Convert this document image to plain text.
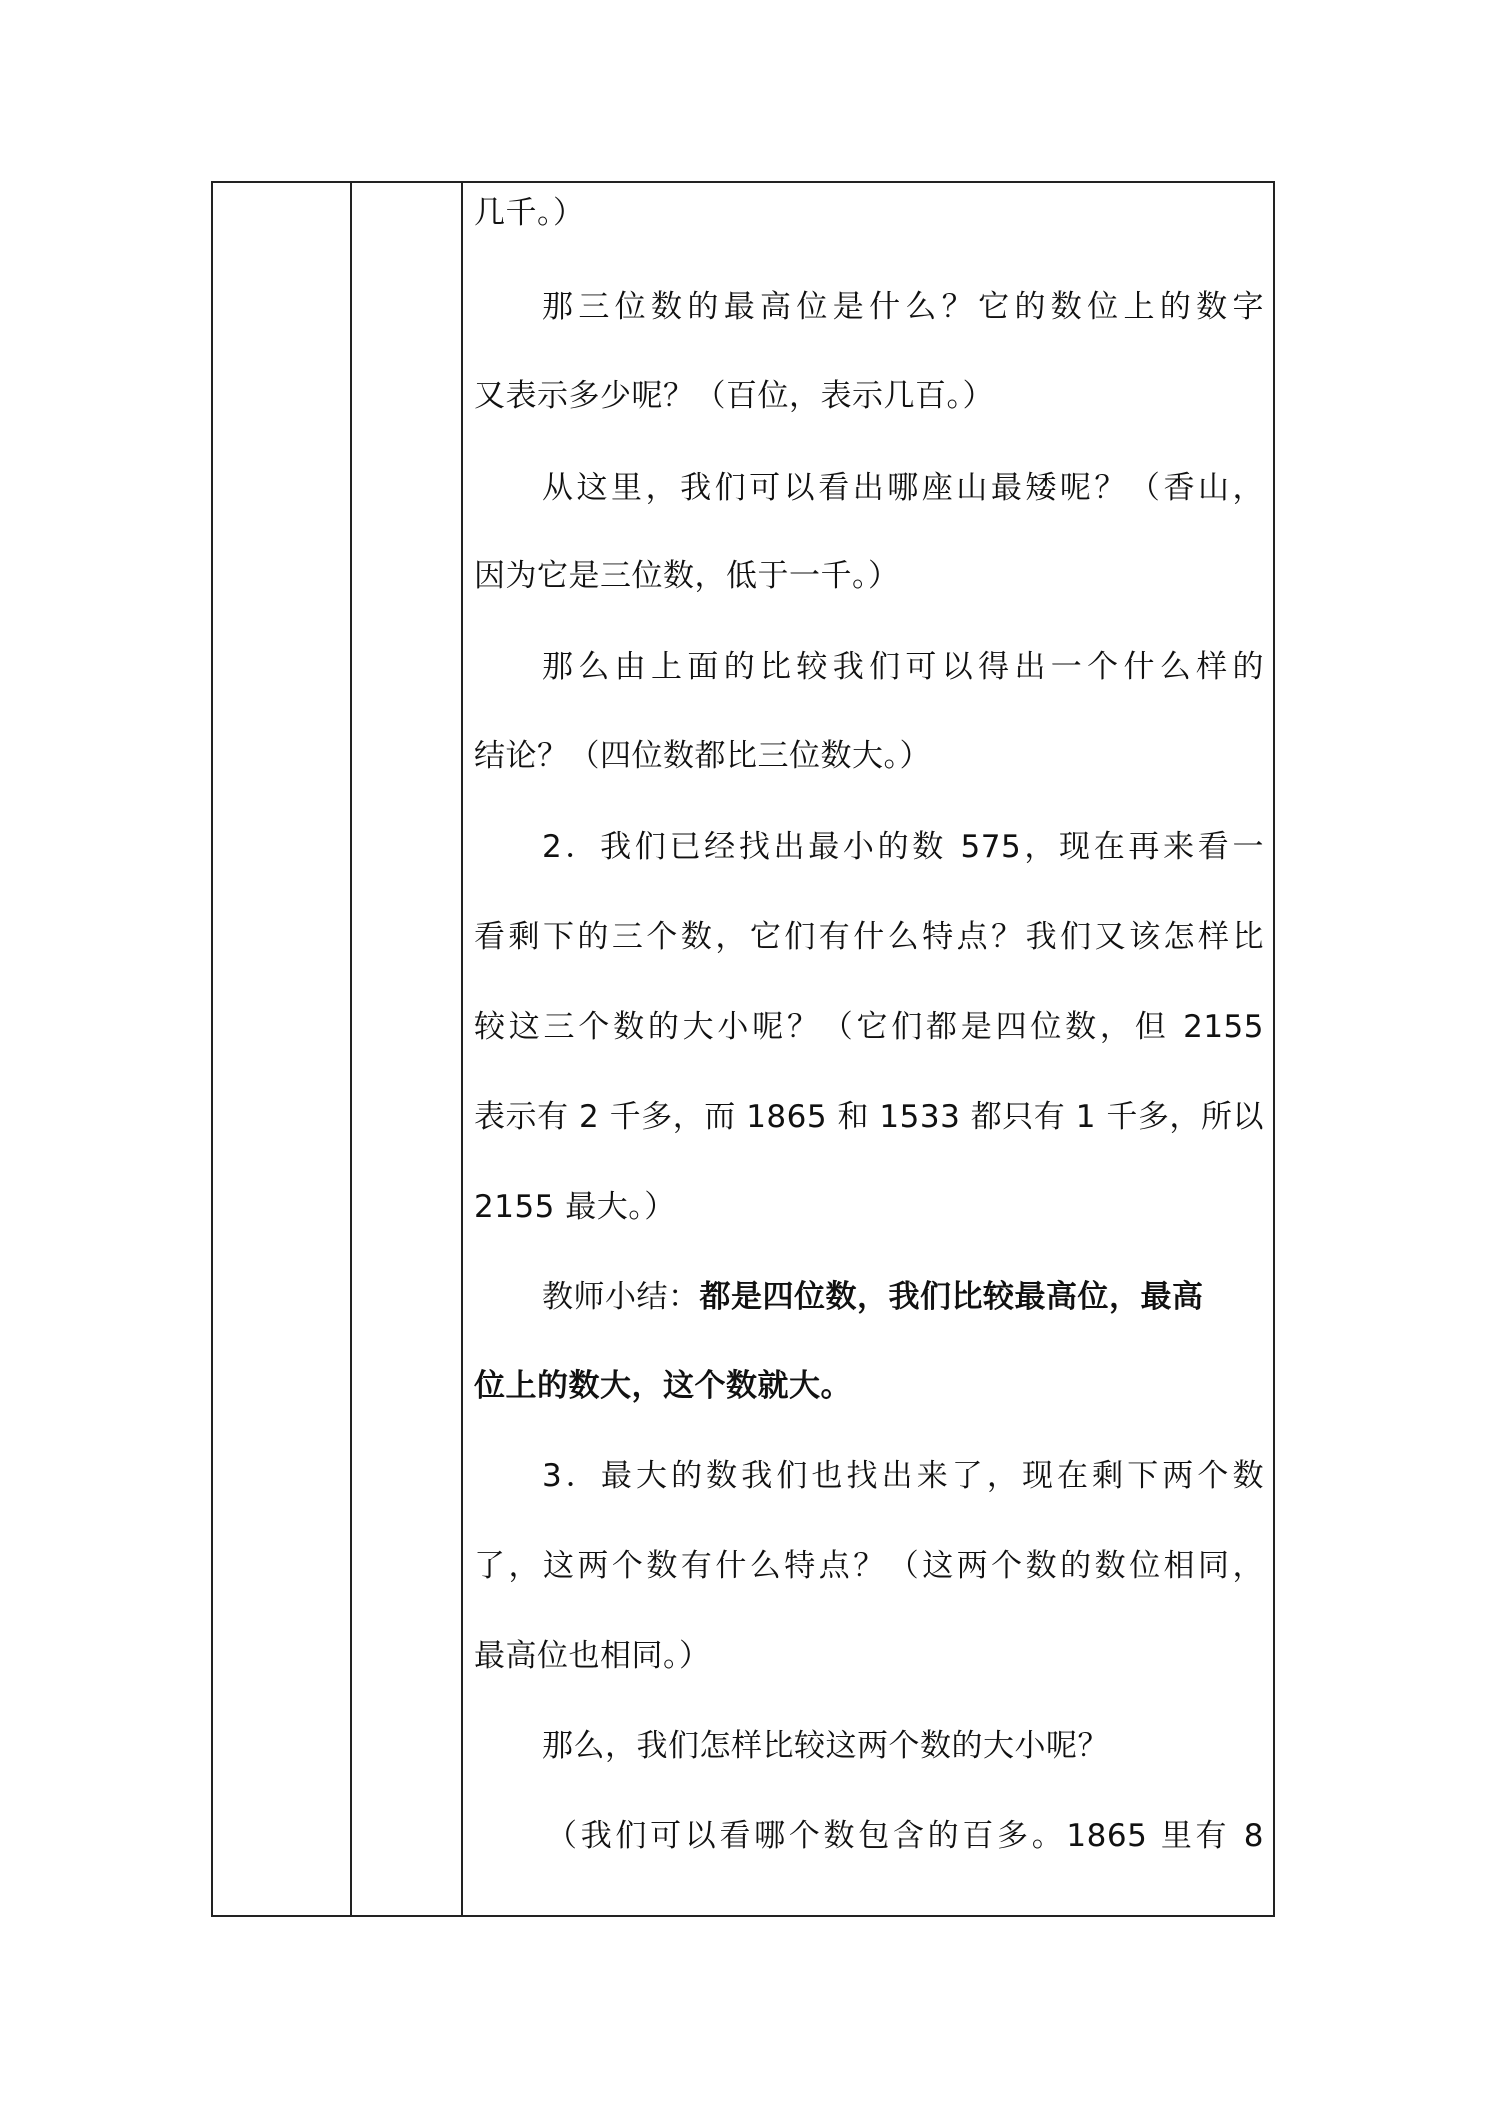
几千。）
那三位数的最高位是什么？它的数位上的数字
又表示多少呢？（百位，表示几百。）
从这里，我们可以看出哪座山最矮呢？（香山，
因为它是三位数，低于一千。）
那么由上面的比较我们可以得出一个什么样的
结论？（四位数都比三位数大。）
2．我们已经找出最小的数 575，现在再来看一
看剩下的三个数，它们有什么特点？我们又该怎样比
较这三个数的大小呢？（它们都是四位数，但 2155
表示有 2 千多，而 1865 和 1533 都只有 1 千多，所以
2155 最大。）
教师小结：都是四位数，我们比较最高位，最高
位上的数大，这个数就大。
3．最大的数我们也找出来了，现在剩下两个数
了，这两个数有什么特点？（这两个数的数位相同，
最高位也相同。）
那么，我们怎样比较这两个数的大小呢？
（我们可以看哪个数包含的百多。1865 里有 8
